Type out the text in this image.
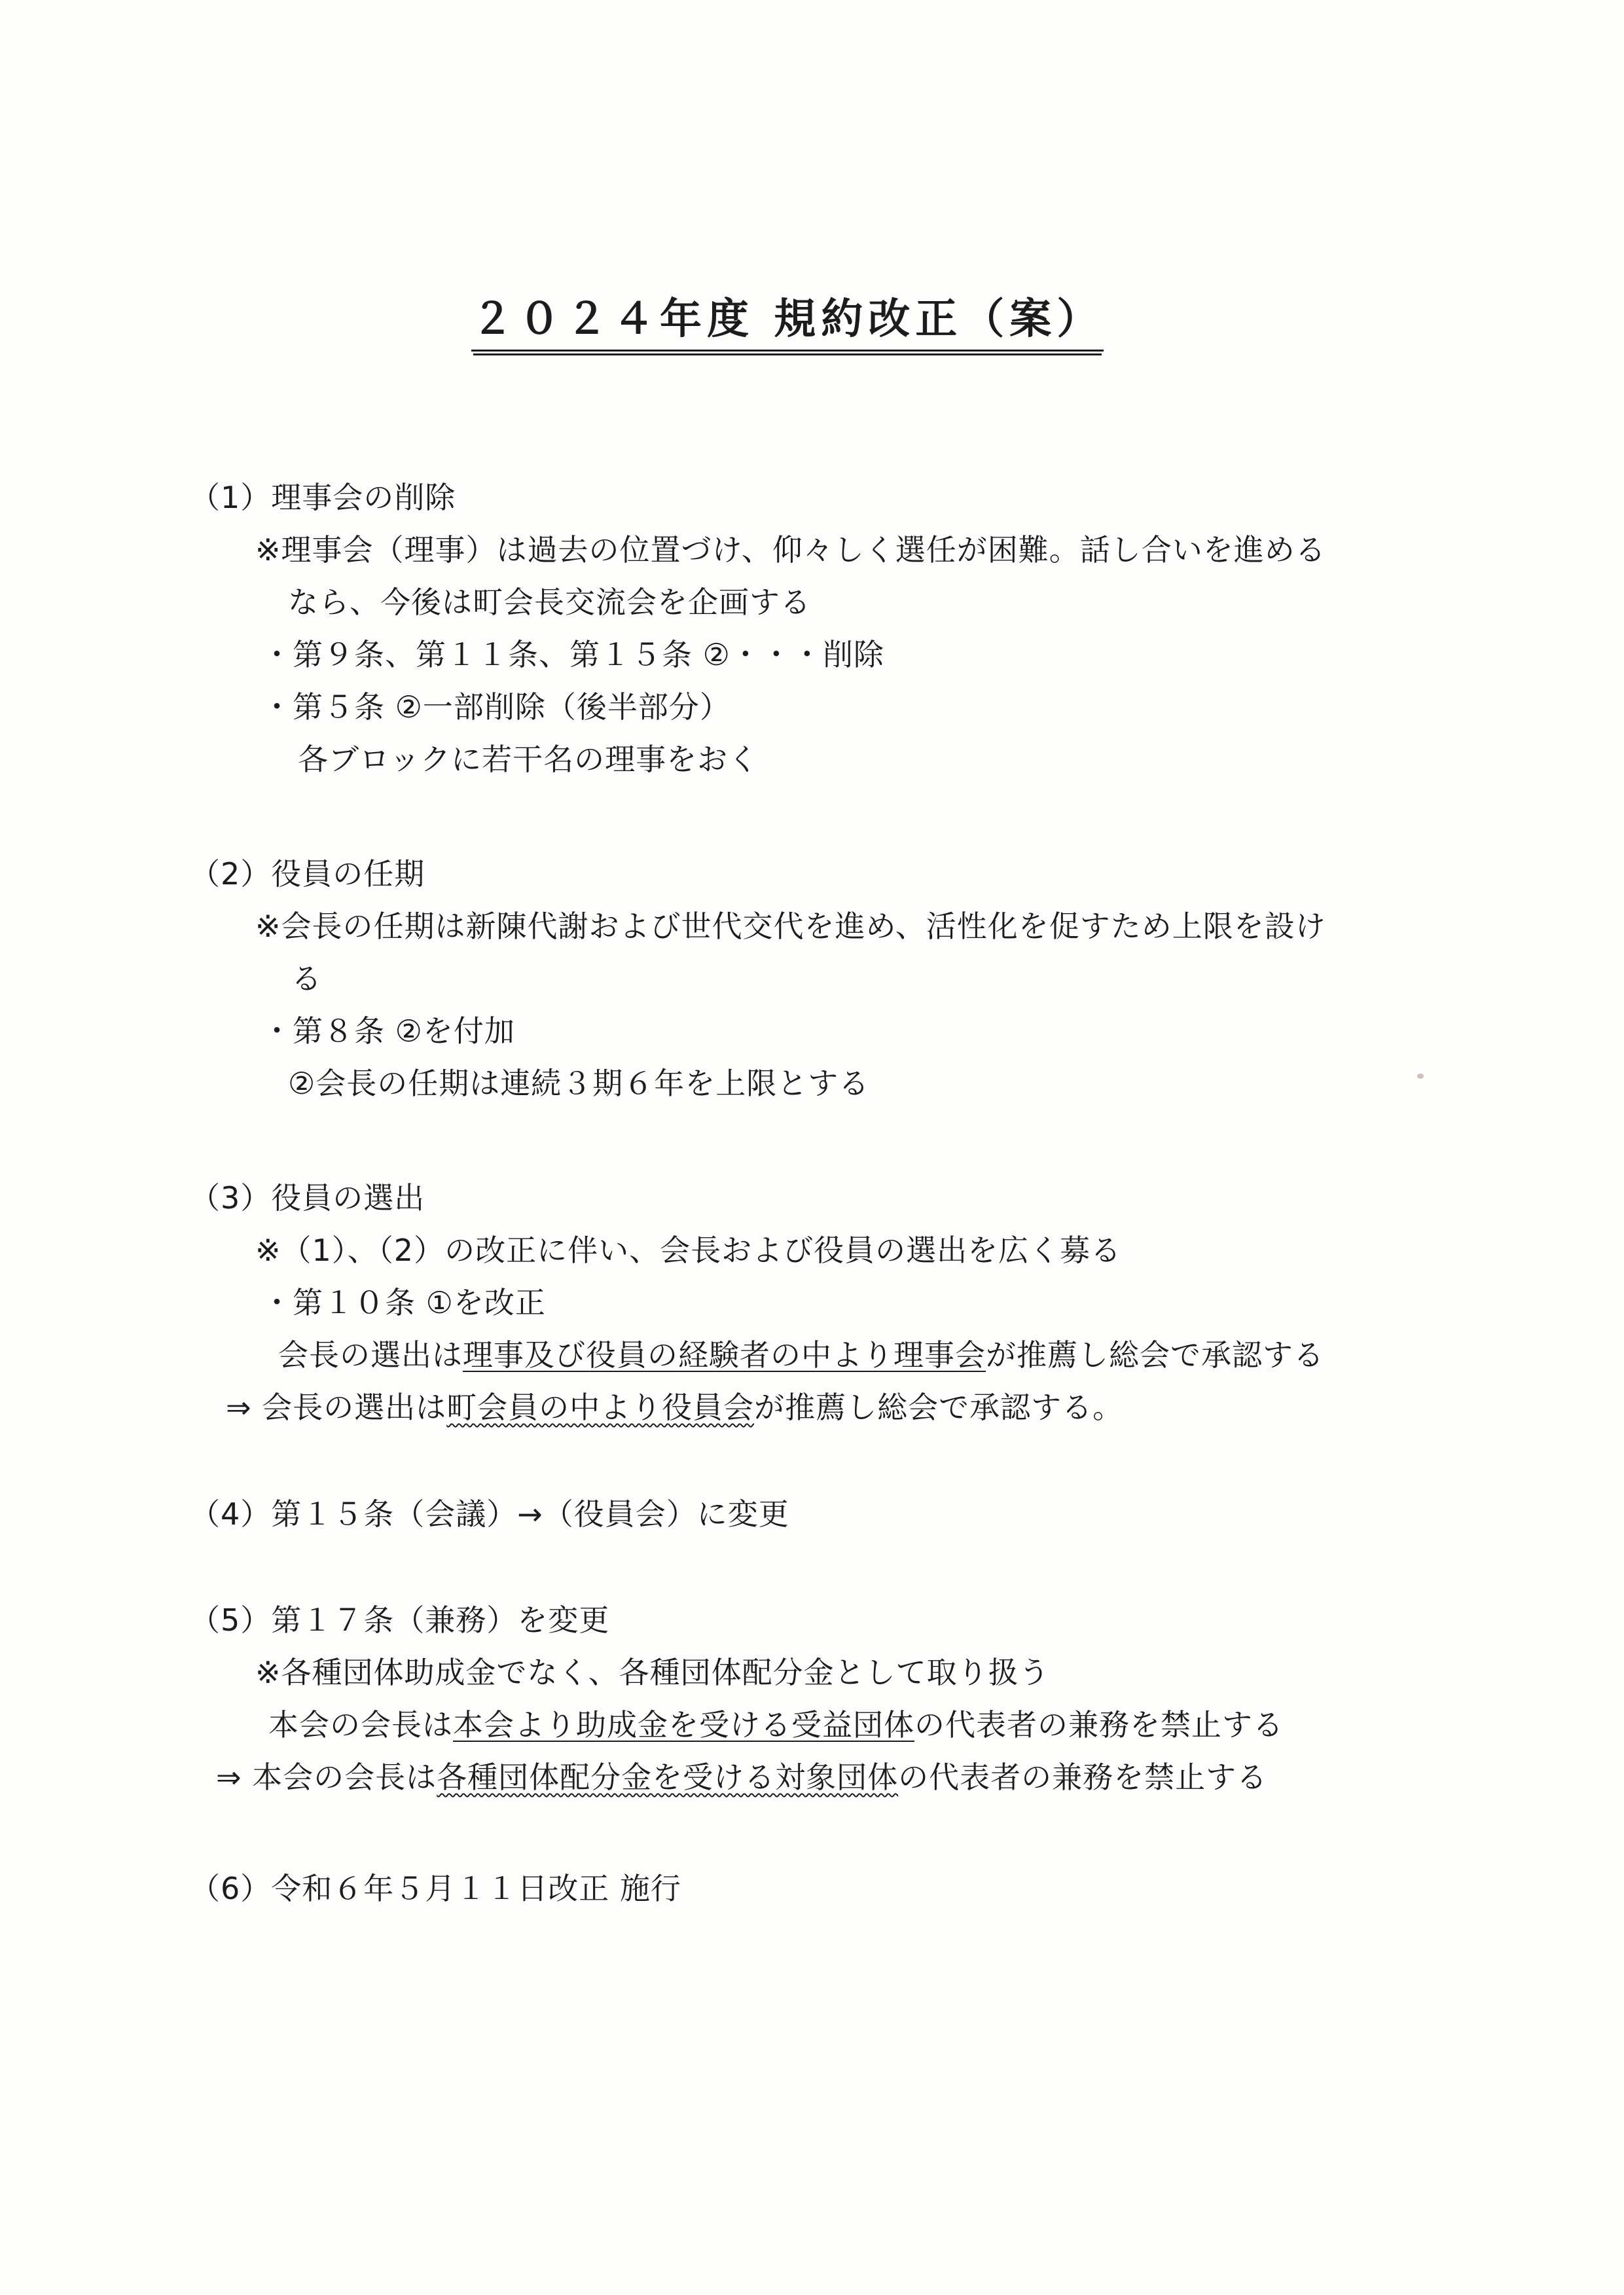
２０２４年度 規約改正（案）
（1）理事会の削除
※理事会（理事）は過去の位置づけ、仰々しく選任が困難。話し合いを進める
なら、今後は町会長交流会を企画する
・第９条、第１１条、第１５条 ②・・・削除
・第５条 ②一部削除（後半部分）
各ブロックに若干名の理事をおく
（2）役員の任期
※会長の任期は新陳代謝および世代交代を進め、活性化を促すため上限を設け
る
・第８条 ②を付加
②会長の任期は連続３期６年を上限とする
（3）役員の選出
※（1）、（2）の改正に伴い、会長および役員の選出を広く募る
・第１０条 ①を改正
会長の選出は理事及び役員の経験者の中より理事会が推薦し総会で承認する
⇒ 会長の選出は町会員の中より役員会が推薦し総会で承認する。
（4）第１５条（会議）→（役員会）に変更
（5）第１７条（兼務）を変更
※各種団体助成金でなく、各種団体配分金として取り扱う
本会の会長は本会より助成金を受ける受益団体の代表者の兼務を禁止する
⇒ 本会の会長は各種団体配分金を受ける対象団体の代表者の兼務を禁止する
（6）令和６年５月１１日改正 施行
